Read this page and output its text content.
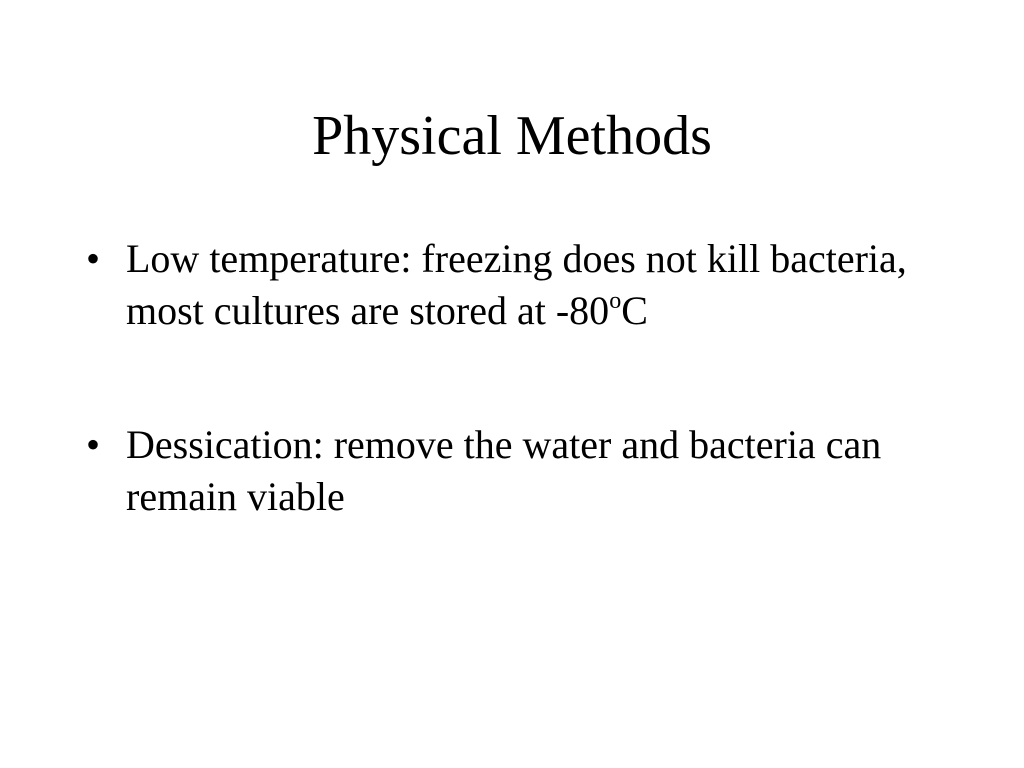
Physical Methods
• Low temperature: freezing does not kill bacteria, most cultures are stored at -80$^o$C
• Dessication: remove the water and bacteria can remain viable
